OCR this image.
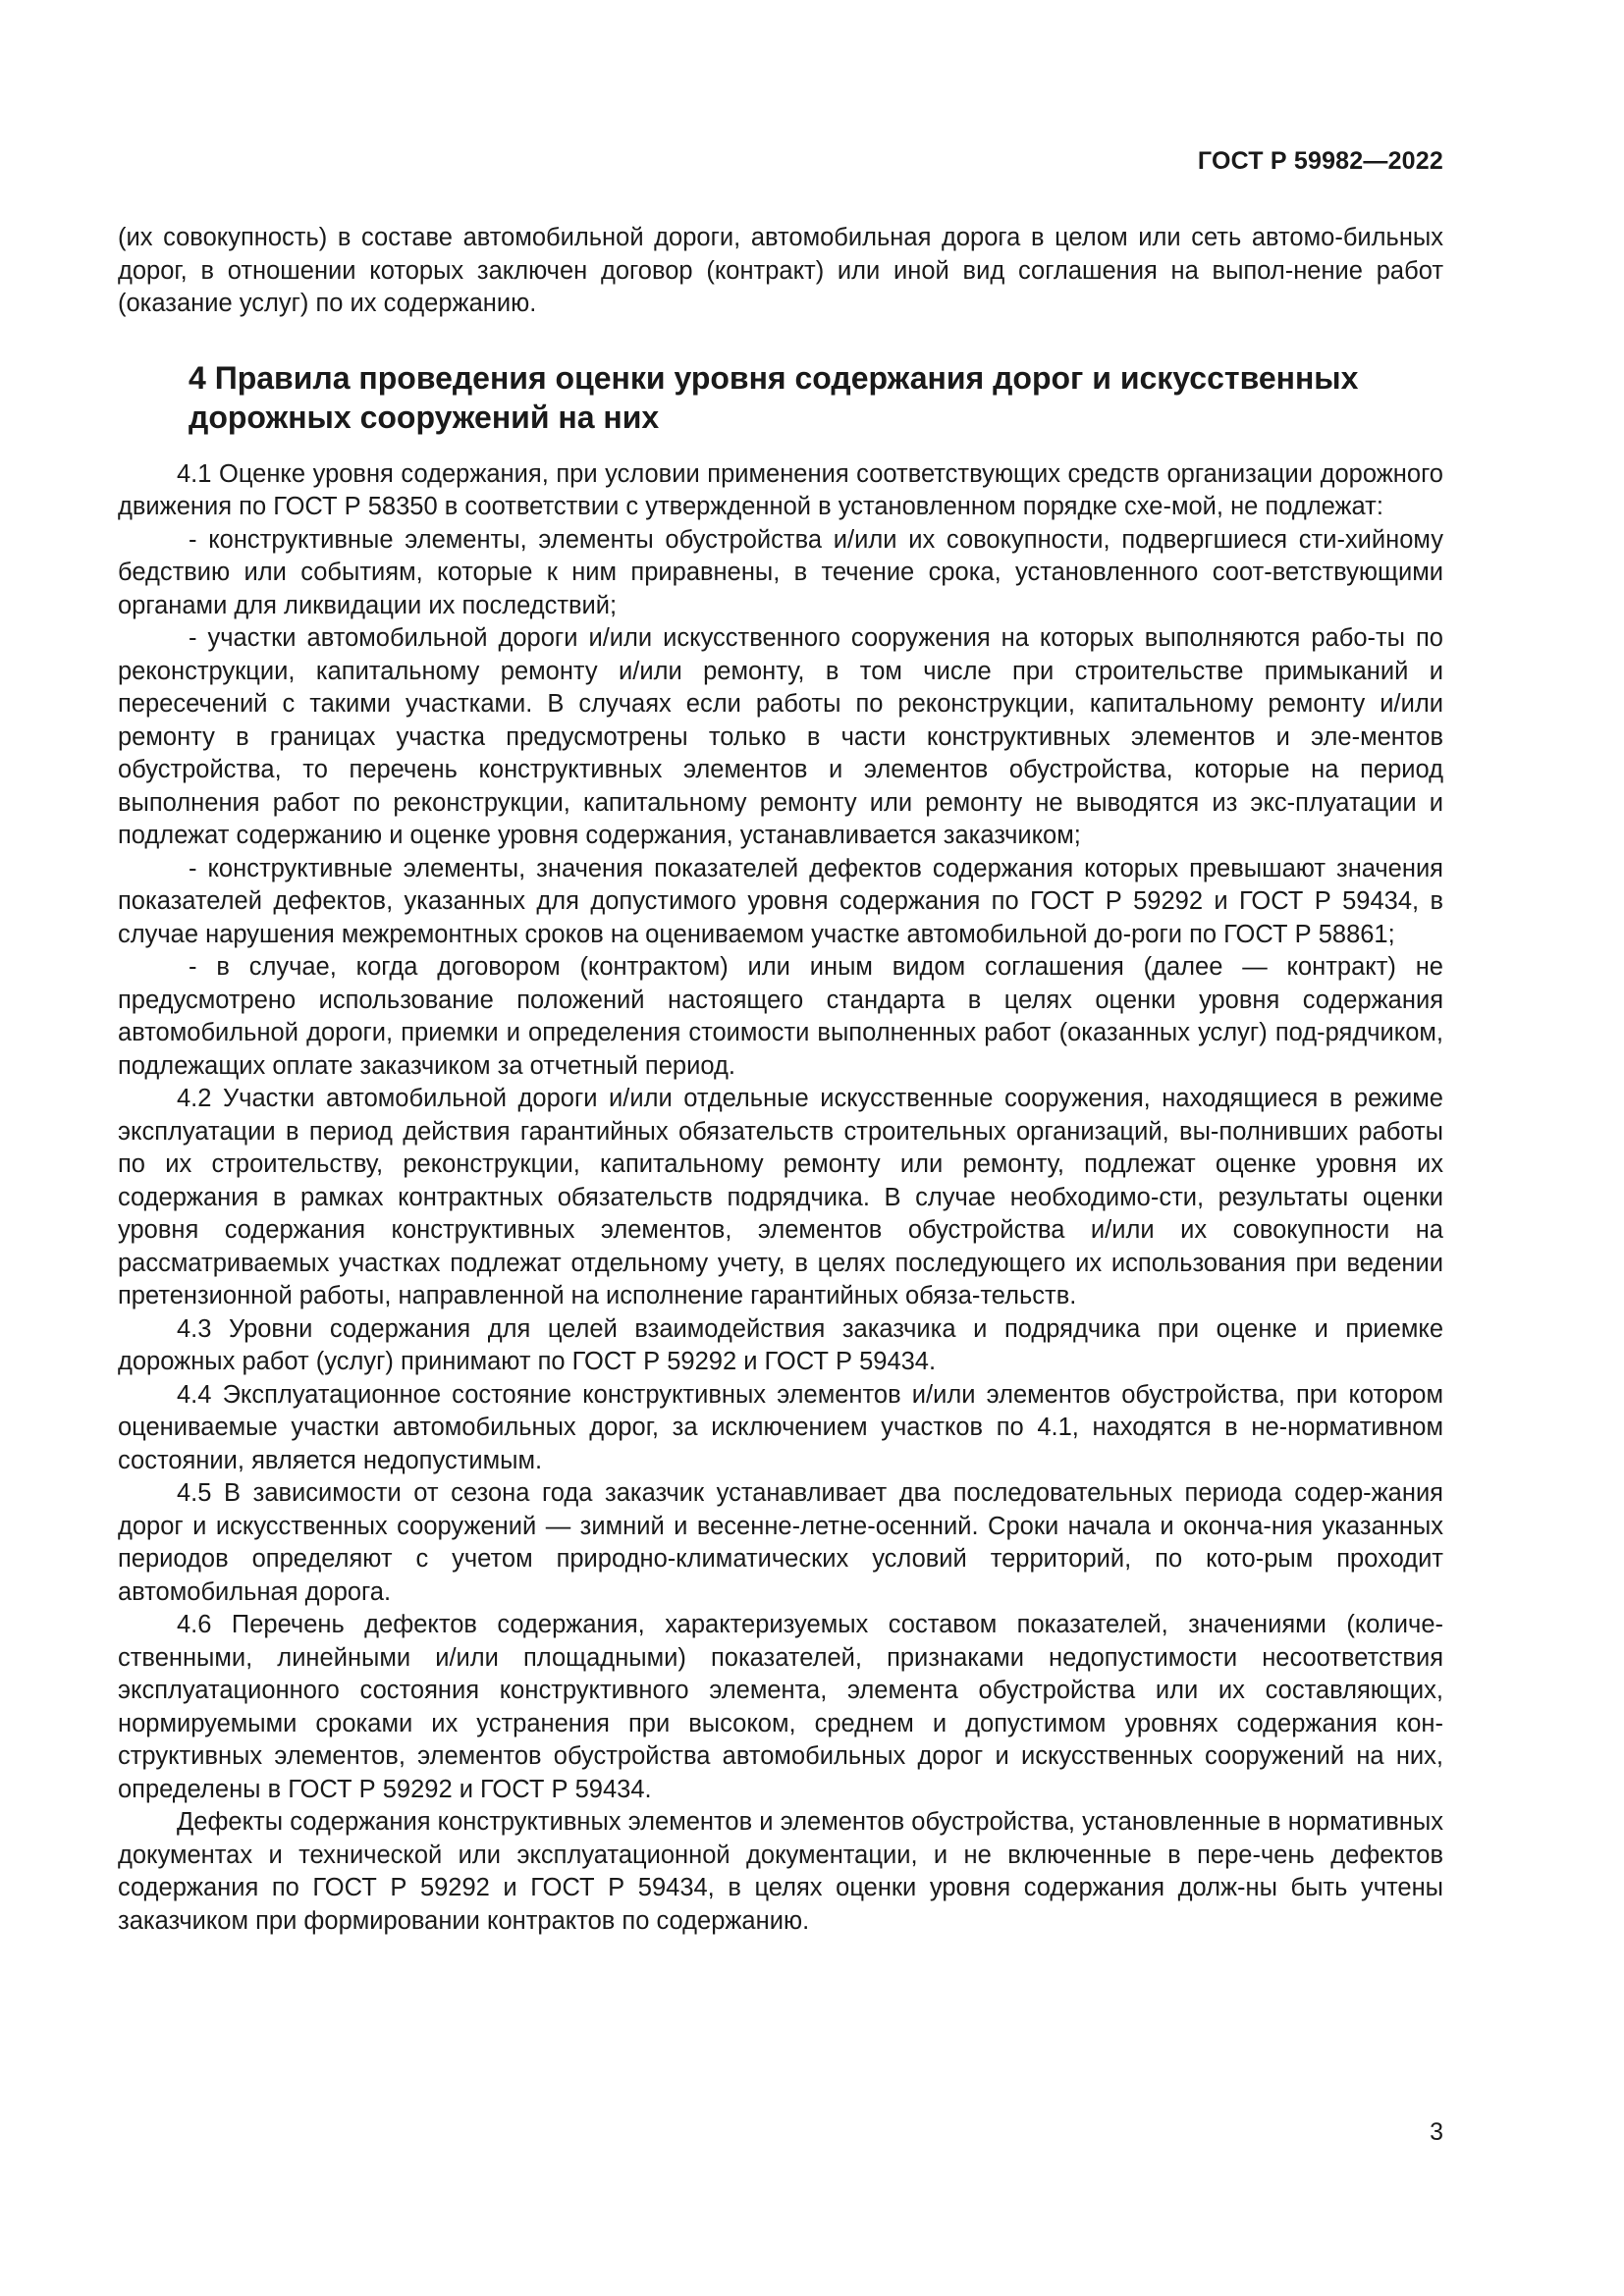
ГОСТ Р 59982—2022

(их совокупность) в составе автомобильной дороги, автомобильная дорога в целом или сеть автомо-бильных дорог, в отношении которых заключен договор (контракт) или иной вид соглашения на выпол-нение работ (оказание услуг) по их содержанию.

4 Правила проведения оценки уровня содержания дорог и искусственных дорожных сооружений на них

4.1 Оценке уровня содержания, при условии применения соответствующих средств организации дорожного движения по ГОСТ Р 58350 в соответствии с утвержденной в установленном порядке схе-мой, не подлежат:

- конструктивные элементы, элементы обустройства и/или их совокупности, подвергшиеся сти-хийному бедствию или событиям, которые к ним приравнены, в течение срока, установленного соот-ветствующими органами для ликвидации их последствий;

- участки автомобильной дороги и/или искусственного сооружения на которых выполняются рабо-ты по реконструкции, капитальному ремонту и/или ремонту, в том числе при строительстве примыканий и пересечений с такими участками. В случаях если работы по реконструкции, капитальному ремонту и/или ремонту в границах участка предусмотрены только в части конструктивных элементов и эле-ментов обустройства, то перечень конструктивных элементов и элементов обустройства, которые на период выполнения работ по реконструкции, капитальному ремонту или ремонту не выводятся из экс-плуатации и подлежат содержанию и оценке уровня содержания, устанавливается заказчиком;

- конструктивные элементы, значения показателей дефектов содержания которых превышают значения показателей дефектов, указанных для допустимого уровня содержания по ГОСТ Р 59292 и ГОСТ Р 59434, в случае нарушения межремонтных сроков на оцениваемом участке автомобильной до-роги по ГОСТ Р 58861;

- в случае, когда договором (контрактом) или иным видом соглашения (далее — контракт) не предусмотрено использование положений настоящего стандарта в целях оценки уровня содержания автомобильной дороги, приемки и определения стоимости выполненных работ (оказанных услуг) под-рядчиком, подлежащих оплате заказчиком за отчетный период.

4.2 Участки автомобильной дороги и/или отдельные искусственные сооружения, находящиеся в режиме эксплуатации в период действия гарантийных обязательств строительных организаций, вы-полнивших работы по их строительству, реконструкции, капитальному ремонту или ремонту, подлежат оценке уровня их содержания в рамках контрактных обязательств подрядчика. В случае необходимо-сти, результаты оценки уровня содержания конструктивных элементов, элементов обустройства и/или их совокупности на рассматриваемых участках подлежат отдельному учету, в целях последующего их использования при ведении претензионной работы, направленной на исполнение гарантийных обяза-тельств.

4.3 Уровни содержания для целей взаимодействия заказчика и подрядчика при оценке и приемке дорожных работ (услуг) принимают по ГОСТ Р 59292 и ГОСТ Р 59434.

4.4 Эксплуатационное состояние конструктивных элементов и/или элементов обустройства, при котором оцениваемые участки автомобильных дорог, за исключением участков по 4.1, находятся в не-нормативном состоянии, является недопустимым.

4.5 В зависимости от сезона года заказчик устанавливает два последовательных периода содер-жания дорог и искусственных сооружений — зимний и весенне-летне-осенний. Сроки начала и оконча-ния указанных периодов определяют с учетом природно-климатических условий территорий, по кото-рым проходит автомобильная дорога.

4.6 Перечень дефектов содержания, характеризуемых составом показателей, значениями (количе-ственными, линейными и/или площадными) показателей, признаками недопустимости несоответствия эксплуатационного состояния конструктивного элемента, элемента обустройства или их составляющих, нормируемыми сроками их устранения при высоком, среднем и допустимом уровнях содержания кон-структивных элементов, элементов обустройства автомобильных дорог и искусственных сооружений на них, определены в ГОСТ Р 59292 и ГОСТ Р 59434.

Дефекты содержания конструктивных элементов и элементов обустройства, установленные в нормативных документах и технической или эксплуатационной документации, и не включенные в пере-чень дефектов содержания по ГОСТ Р 59292 и ГОСТ Р 59434, в целях оценки уровня содержания долж-ны быть учтены заказчиком при формировании контрактов по содержанию.

3
